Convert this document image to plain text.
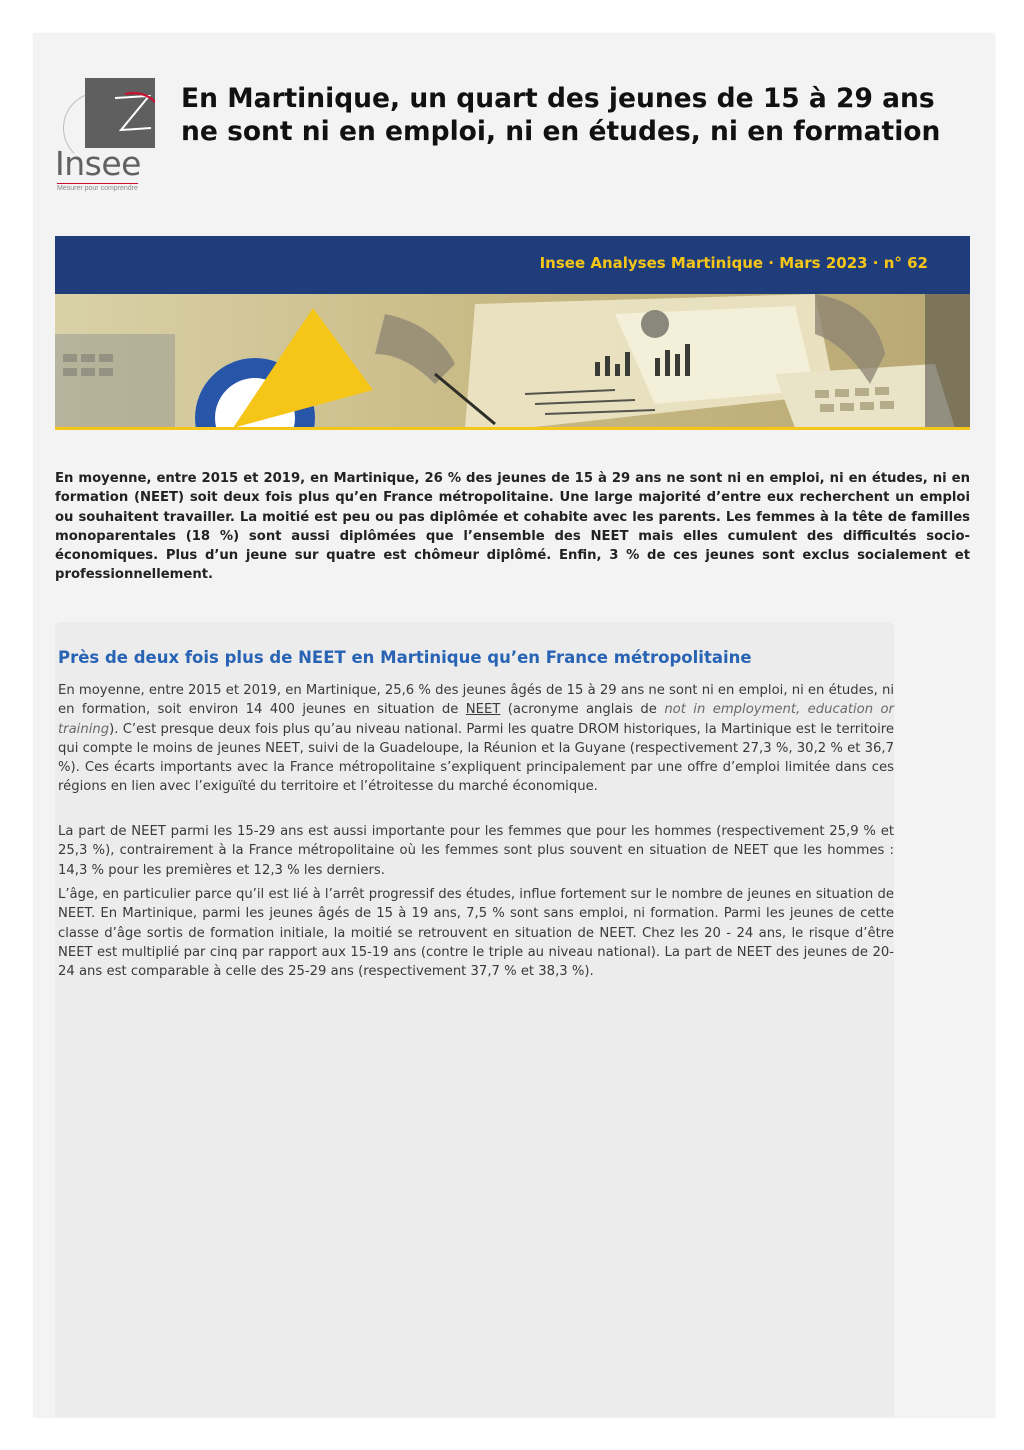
Insee
Mesurer pour comprendre
En Martinique, un quart des jeunes de 15 à 29 ans
ne sont ni en emploi, ni en études, ni en formation
Insee Analyses Martinique · Mars 2023 · n° 62

En moyenne, entre 2015 et 2019, en Martinique, 26 % des jeunes de 15 à 29 ans ne sont ni en emploi, ni en études, ni en formation (NEET) soit deux fois plus qu’en France métropolitaine. Une large majorité d’entre eux recherchent un emploi ou souhaitent travailler. La moitié est peu ou pas diplômée et cohabite avec les parents. Les femmes à la tête de familles monoparentales (18 %) sont aussi diplômées que l’ensemble des NEET mais elles cumulent des difficultés socio-économiques. Plus d’un jeune sur quatre est chômeur diplômé. Enfin, 3 % de ces jeunes sont exclus socialement et professionnellement.

Près de deux fois plus de NEET en Martinique qu’en France métropolitaine

En moyenne, entre 2015 et 2019, en Martinique, 25,6 % des jeunes âgés de 15 à 29 ans ne sont ni en emploi, ni en études, ni en formation, soit environ 14 400 jeunes en situation de NEET (acronyme anglais de not in employment, education or training). C’est presque deux fois plus qu’au niveau national. Parmi les quatre DROM historiques, la Martinique est le territoire qui compte le moins de jeunes NEET, suivi de la Guadeloupe, la Réunion et la Guyane (respectivement 27,3 %, 30,2 % et 36,7 %). Ces écarts importants avec la France métropolitaine s’expliquent principalement par une offre d’emploi limitée dans ces régions en lien avec l’exiguïté du territoire et l’étroitesse du marché économique.

La part de NEET parmi les 15-29 ans est aussi importante pour les femmes que pour les hommes (respectivement 25,9 % et 25,3 %), contrairement à la France métropolitaine où les femmes sont plus souvent en situation de NEET que les hommes : 14,3 % pour les premières et 12,3 % les derniers.

L’âge, en particulier parce qu’il est lié à l’arrêt progressif des études, influe fortement sur le nombre de jeunes en situation de NEET. En Martinique, parmi les jeunes âgés de 15 à 19 ans, 7,5 % sont sans emploi, ni formation. Parmi les jeunes de cette classe d’âge sortis de formation initiale, la moitié se retrouvent en situation de NEET. Chez les 20 - 24 ans, le risque d’être NEET est multiplié par cinq par rapport aux 15-19 ans (contre le triple au niveau national). La part de NEET des jeunes de 20-24 ans est comparable à celle des 25-29 ans (respectivement 37,7 % et 38,3 %).
